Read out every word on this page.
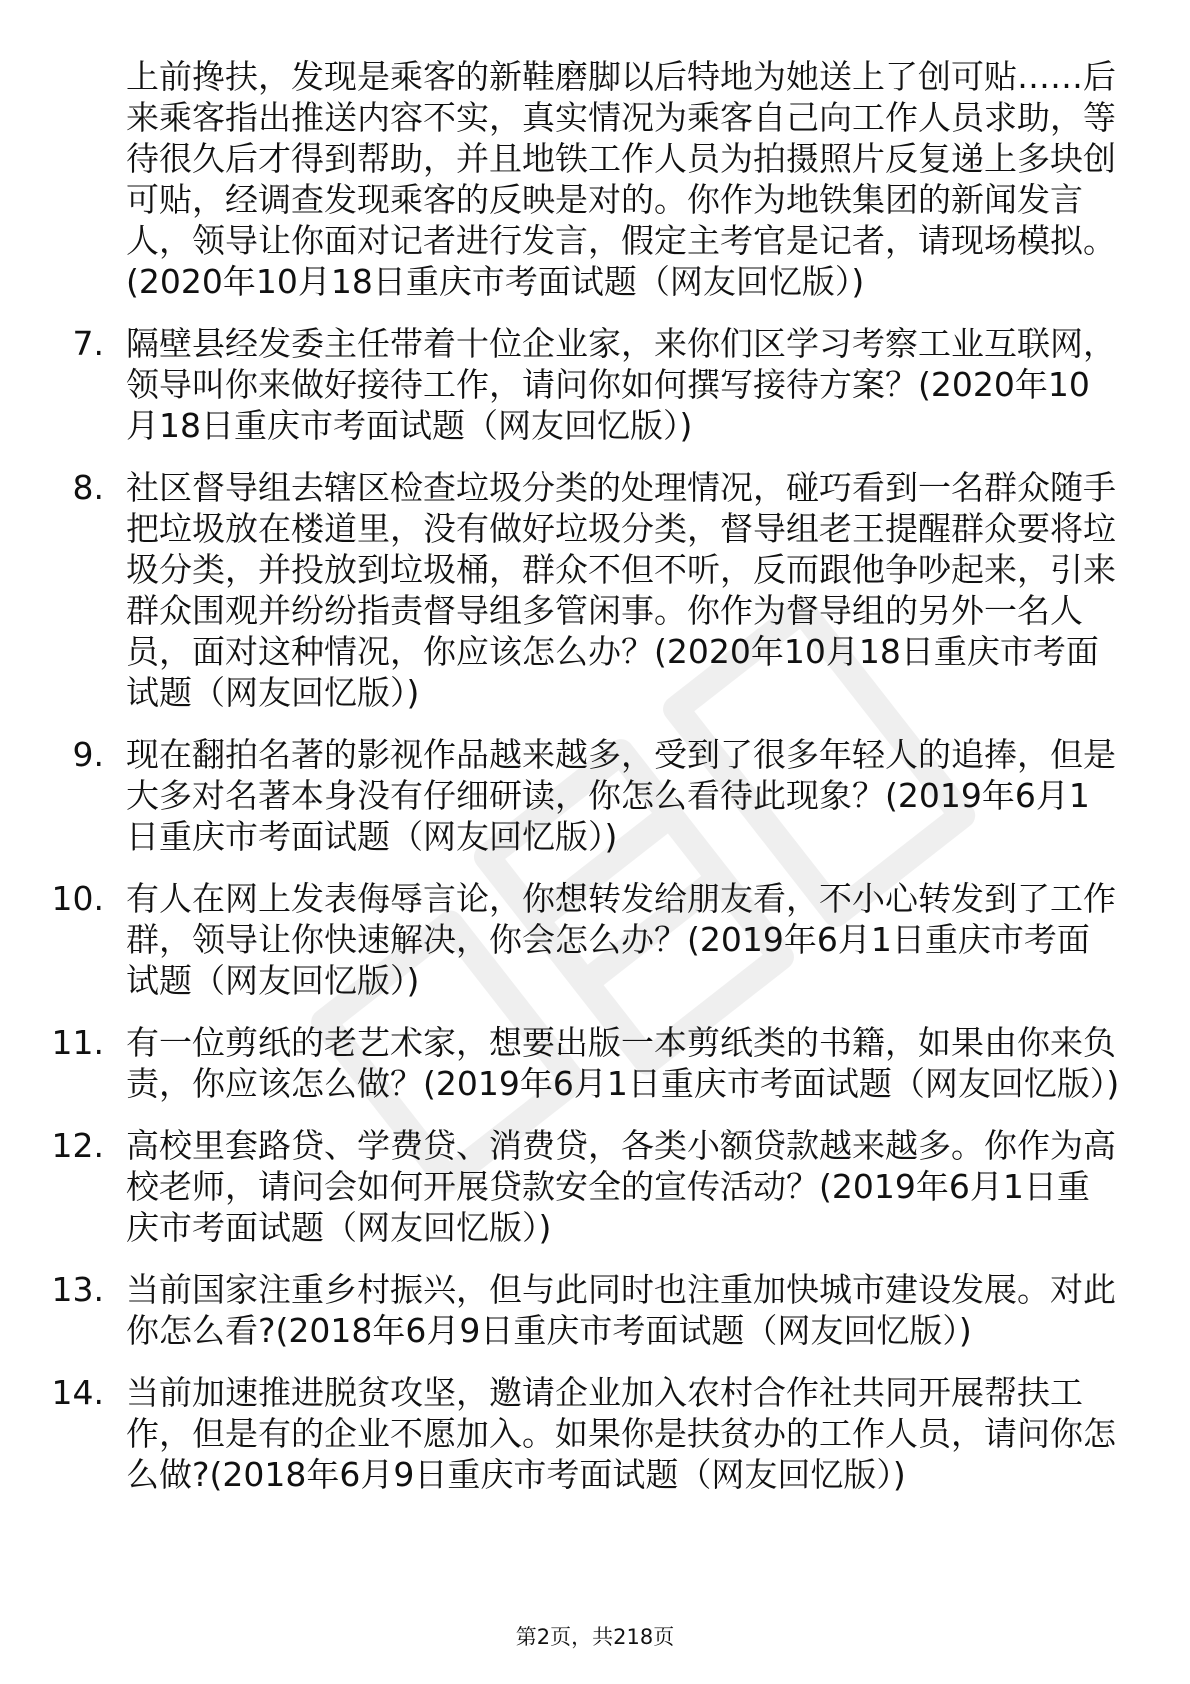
上前搀扶，发现是乘客的新鞋磨脚以后特地为她送上了创可贴……后来乘客指出推送内容不实，真实情况为乘客自己向工作人员求助，等待很久后才得到帮助，并且地铁工作人员为拍摄照片反复递上多块创可贴，经调查发现乘客的反映是对的。你作为地铁集团的新闻发言人，领导让你面对记者进行发言，假定主考官是记者，请现场模拟。(2020年10月18日重庆市考面试题（网友回忆版）)

7. 隔壁县经发委主任带着十位企业家，来你们区学习考察工业互联网，领导叫你来做好接待工作，请问你如何撰写接待方案？(2020年10月18日重庆市考面试题（网友回忆版）)

8. 社区督导组去辖区检查垃圾分类的处理情况，碰巧看到一名群众随手把垃圾放在楼道里，没有做好垃圾分类，督导组老王提醒群众要将垃圾分类，并投放到垃圾桶，群众不但不听，反而跟他争吵起来，引来群众围观并纷纷指责督导组多管闲事。你作为督导组的另外一名人员，面对这种情况，你应该怎么办？(2020年10月18日重庆市考面试题（网友回忆版）)

9. 现在翻拍名著的影视作品越来越多，受到了很多年轻人的追捧，但是大多对名著本身没有仔细研读，你怎么看待此现象？(2019年6月1日重庆市考面试题（网友回忆版）)

10. 有人在网上发表侮辱言论，你想转发给朋友看，不小心转发到了工作群，领导让你快速解决，你会怎么办？(2019年6月1日重庆市考面试题（网友回忆版）)

11. 有一位剪纸的老艺术家，想要出版一本剪纸类的书籍，如果由你来负责，你应该怎么做？(2019年6月1日重庆市考面试题（网友回忆版）)

12. 高校里套路贷、学费贷、消费贷，各类小额贷款越来越多。你作为高校老师，请问会如何开展贷款安全的宣传活动？(2019年6月1日重庆市考面试题（网友回忆版）)

13. 当前国家注重乡村振兴，但与此同时也注重加快城市建设发展。对此你怎么看?(2018年6月9日重庆市考面试题（网友回忆版）)

14. 当前加速推进脱贫攻坚，邀请企业加入农村合作社共同开展帮扶工作，但是有的企业不愿加入。如果你是扶贫办的工作人员，请问你怎么做?(2018年6月9日重庆市考面试题（网友回忆版）)

第2页，共218页
